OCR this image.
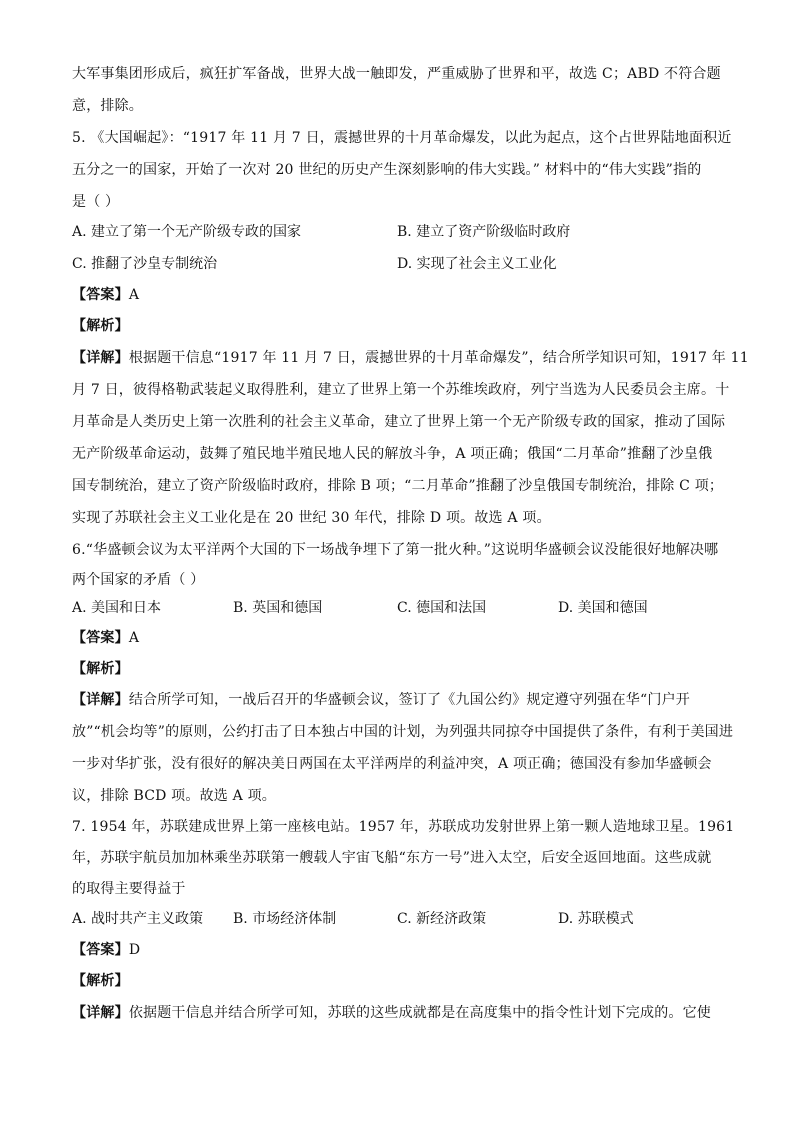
大军事集团形成后，疯狂扩军备战，世界大战一触即发，严重威胁了世界和平，故选 C；ABD 不符合题
意，排除。
5. 《大国崛起》：“1917 年 11 月 7 日，震撼世界的十月革命爆发，以此为起点，这个占世界陆地面积近
五分之一的国家，开始了一次对 20 世纪的历史产生深刻影响的伟大实践。” 材料中的“伟大实践”指的
是（ ）
A. 建立了第一个无产阶级专政的国家	B. 建立了资产阶级临时政府
C. 推翻了沙皇专制统治	D. 实现了社会主义工业化
【答案】A
【解析】
【详解】根据题干信息“1917 年 11 月 7 日，震撼世界的十月革命爆发”，结合所学知识可知，1917 年 11
月 7 日，彼得格勒武装起义取得胜利，建立了世界上第一个苏维埃政府，列宁当选为人民委员会主席。十
月革命是人类历史上第一次胜利的社会主义革命，建立了世界上第一个无产阶级专政的国家，推动了国际
无产阶级革命运动，鼓舞了殖民地半殖民地人民的解放斗争，A 项正确；俄国“二月革命”推翻了沙皇俄
国专制统治，建立了资产阶级临时政府，排除 B 项；“二月革命”推翻了沙皇俄国专制统治，排除 C 项；
实现了苏联社会主义工业化是在 20 世纪 30 年代，排除 D 项。故选 A 项。
6.“华盛顿会议为太平洋两个大国的下一场战争埋下了第一批火种。”这说明华盛顿会议没能很好地解决哪
两个国家的矛盾（ ）
A. 美国和日本	B. 英国和德国	C. 德国和法国	D. 美国和德国
【答案】A
【解析】
【详解】结合所学可知，一战后召开的华盛顿会议，签订了《九国公约》规定遵守列强在华“门户开
放”“机会均等”的原则，公约打击了日本独占中国的计划，为列强共同掠夺中国提供了条件，有利于美国进
一步对华扩张，没有很好的解决美日两国在太平洋两岸的利益冲突，A 项正确；德国没有参加华盛顿会
议，排除 BCD 项。故选 A 项。
7. 1954 年，苏联建成世界上第一座核电站。1957 年，苏联成功发射世界上第一颗人造地球卫星。1961
年，苏联宇航员加加林乘坐苏联第一艘载人宇宙飞船“东方一号”进入太空，后安全返回地面。这些成就
的取得主要得益于
A. 战时共产主义政策 B. 市场经济体制	C. 新经济政策	D. 苏联模式
【答案】D
【解析】
【详解】依据题干信息并结合所学可知，苏联的这些成就都是在高度集中的指令性计划下完成的。它使
